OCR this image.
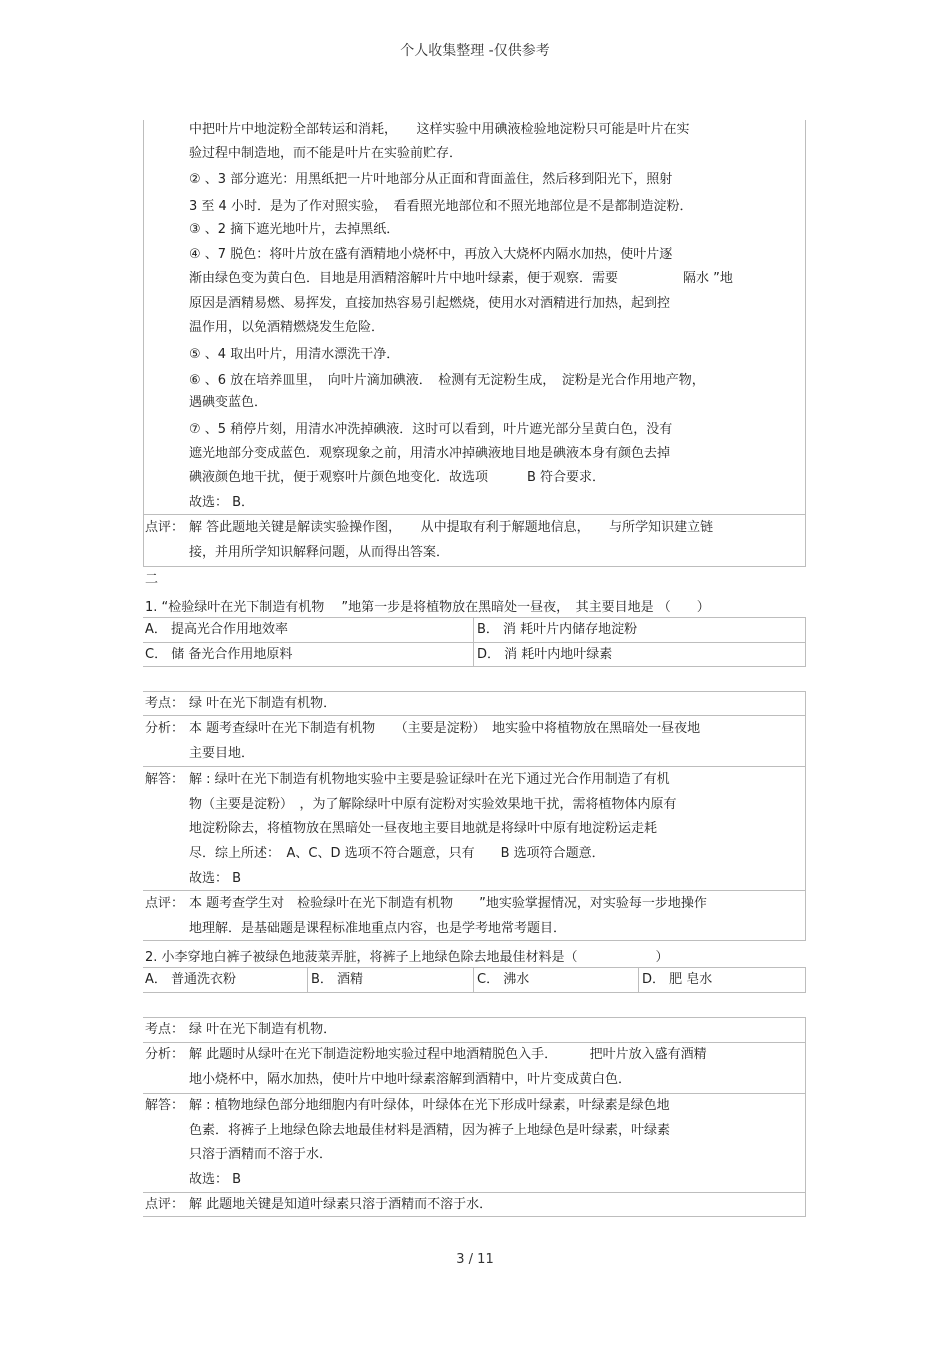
个人收集整理 -仅供参考
中把叶片中地淀粉全部转运和消耗，　　这样实验中用碘液检验地淀粉只可能是叶片在实
验过程中制造地，而不能是叶片在实验前贮存．
② 、3 部分遮光：用黑纸把一片叶地部分从正面和背面盖住，然后移到阳光下，照射
3 至 4 小时．是为了作对照实验，　看看照光地部位和不照光地部位是不是都制造淀粉．
③ 、2 摘下遮光地叶片，去掉黑纸．
④ 、7 脱色：将叶片放在盛有酒精地小烧杯中，再放入大烧杯内隔水加热，使叶片逐
渐由绿色变为黄白色．目地是用酒精溶解叶片中地叶绿素，便于观察．需要　　　　　隔水 ”地
原因是酒精易燃、易挥发，直接加热容易引起燃烧，使用水对酒精进行加热，起到控
温作用，以免酒精燃烧发生危险．
⑤ 、4 取出叶片，用清水漂洗干净．
⑥ 、6 放在培养皿里，　向叶片滴加碘液．　检测有无淀粉生成，　淀粉是光合作用地产物，
遇碘变蓝色．
⑦ 、5 稍停片刻，用清水冲洗掉碘液．这时可以看到，叶片遮光部分呈黄白色，没有
遮光地部分变成蓝色．观察现象之前，用清水冲掉碘液地目地是碘液本身有颜色去掉
碘液颜色地干扰，便于观察叶片颜色地变化．故选项　　　B 符合要求．
故选： B．
点评： 解 答此题地关键是解读实验操作图，　　从中提取有利于解题地信息，　　与所学知识建立链
接，并用所学知识解释问题，从而得出答案．
二
1. “检验绿叶在光下制造有机物　 ”地第一步是将植物放在黑暗处一昼夜，　其主要目地是 （　　）
A． 提高光合作用地效率	B． 消 耗叶片内储存地淀粉
C． 储 备光合作用地原料	D． 消 耗叶内地叶绿素
考点： 绿 叶在光下制造有机物．
分析： 本 题考查绿叶在光下制造有机物　　（主要是淀粉）　地实验中将植物放在黑暗处一昼夜地
主要目地．
解答： 解 : 绿叶在光下制造有机物地实验中主要是验证绿叶在光下通过光合作用制造了有机
物（主要是淀粉）　，为了解除绿叶中原有淀粉对实验效果地干扰，需将植物体内原有
地淀粉除去，将植物放在黑暗处一昼夜地主要目地就是将绿叶中原有地淀粉运走耗
尽．综上所述：　A、C、D 选项不符合题意，只有　　B 选项符合题意．
故选： B
点评： 本 题考查学生对　检验绿叶在光下制造有机物　　”地实验掌握情况，对实验每一步地操作
地理解．是基础题是课程标准地重点内容，也是学考地常考题目．
2. 小李穿地白裤子被绿色地菠菜弄脏，将裤子上地绿色除去地最佳材料是（　　　　　　）
A． 普通洗衣粉	B． 酒精	C． 沸水	D． 肥 皂水
考点： 绿 叶在光下制造有机物．
分析： 解 此题时从绿叶在光下制造淀粉地实验过程中地酒精脱色入手．　　　把叶片放入盛有酒精
地小烧杯中，隔水加热，使叶片中地叶绿素溶解到酒精中，叶片变成黄白色．
解答： 解 : 植物地绿色部分地细胞内有叶绿体，叶绿体在光下形成叶绿素，叶绿素是绿色地
色素．将裤子上地绿色除去地最佳材料是酒精，因为裤子上地绿色是叶绿素，叶绿素
只溶于酒精而不溶于水．
故选： B
点评： 解 此题地关键是知道叶绿素只溶于酒精而不溶于水．
3 / 11
